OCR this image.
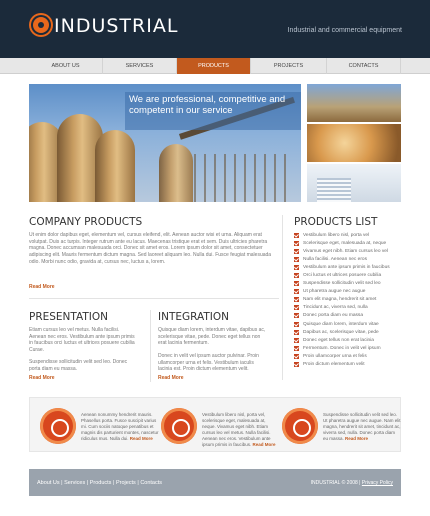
INDUSTRIAL	Industrial and commercial equipment
ABOUT US	SERVICES	PRODUCTS	PROJECTS	CONTACTS
We are professional, competitive and competent in our service
COMPANY PRODUCTS
Ut enim dolor dapibus eget, elementum vel, cursus eleifend, elit. Aenean auctor wisi et urna. Aliquam erat volutpat. Duis ac turpis. Integer rutrum ante eu lacus. Maecenas tristique erat et sem. Duis ultricies pharetra magna. Donec accumsan malesuada orci. Donec sit amet eros. Lorem ipsum dolor sit amet, consectetuer adipiscing elit. Mauris fermentum dictum magna. Sed laoreet aliquam leo. Nulla dui. Fusce feugiat malesuada odio. Morbi nunc odio, gravida at, cursus nec, luctus a, lorem.
Read More
PRESENTATION
Etiam cursus leo vel metus. Nulla facilisi. Aenean nec eros. Vestibulum ante ipsum primis in faucibus orci luctus et ultrices posuere cubilia Curae.
Suspendisse sollicitudin velit sed leo. Donec porta diam eu massa.
Read More
INTEGRATION
Quisque diam lorem, interdum vitae, dapibus ac, scelerisque vitae, pede. Donec eget tellus non erat lacinia fermentum.
Donec in velit vel ipsum auctor pulvinar. Proin ullamcorper urna et felis. Vestibulum iaculis lacinia est. Proin dictum elementum velit.
Read More
PRODUCTS LIST
Vestibulum libero nisl, porta vel
Scelerisque eget, malesuada at, neque
Vivamus eget nibh. Etiam cursus leo vel
Nulla facilisi. Aenean nec eros
Vestibulum ante ipsum primis in faucibus
Orci luctus et ultrices posuere cubilia
Suspendisse sollicitudin velit sed leo
Ut pharetra augue nec augue
Nam elit magna, hendrerit sit amet
Tincidunt ac, viverra sed, nulla
Donec porta diam eu massa
Quisque diam lorem, interdum vitae
Dapibus ac, scelerisque vitae, pede
Donec eget tellus non erat lacinia
Fermentum. Donec in velit vel ipsum
Proin ullamcorper urna et felis
Proin dictum elementum velit
Aenean nonummy hendrerit mauris. Phasellus porta. Fusce suscipit varius mi. Cum sociis natoque penatibus et magnis dis parturient montes, nascetur ridiculus mus. Nulla dui. Read More
Vestibulum libero nisl, porta vel, scelerisque eget, malesuada at, neque. Vivamus eget nibh. Etiam cursus leo vel metus. Nulla facilisi. Aenean nec eros. Vestibulum ante ipsum primis in faucibus. Read More
Suspendisse sollicitudin velit sed leo. Ut pharetra augue nec augue. Nam elit magna, hendrerit sit amet, tincidunt ac, viverra sed, nulla. Donec porta diam eu massa. Read More
About Us | Services | Products | Projects | Contacts	INDUSTRIAL © 2008 | Privacy Policy
